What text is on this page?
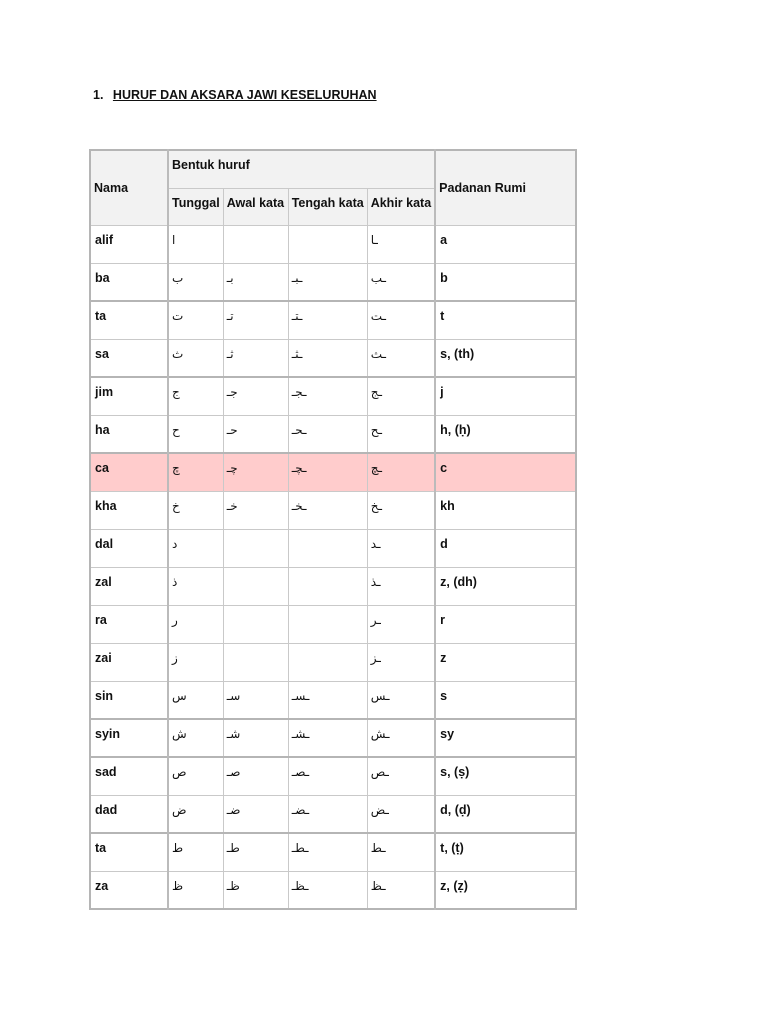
1. HURUF DAN AKSARA JAWI KESELURUHAN
Nama	Bentuk huruf				Padanan Rumi
	Tunggal	Awal kata	Tengah kata	Akhir kata	
alif	ا			ـا	a
ba	ب	بـ	ـبـ	ـب	b
ta	ت	تـ	ـتـ	ـت	t
sa	ث	ثـ	ـثـ	ـث	s, (th)
jim	ج	جـ	ـجـ	ـج	j
ha	ح	حـ	ـحـ	ـح	h, (ḥ)
ca	چ	چـ	ـچـ	ـچ	c
kha	خ	خـ	ـخـ	ـخ	kh
dal	د			ـد	d
zal	ذ			ـذ	z, (dh)
ra	ر			ـر	r
zai	ز			ـز	z
sin	س	سـ	ـسـ	ـس	s
syin	ش	شـ	ـشـ	ـش	sy
sad	ص	صـ	ـصـ	ـص	s, (ṣ)
dad	ض	ضـ	ـضـ	ـض	d, (ḍ)
ta	ط	طـ	ـطـ	ـط	t, (ṭ)
za	ظ	ظـ	ـظـ	ـظ	z, (ẓ)
